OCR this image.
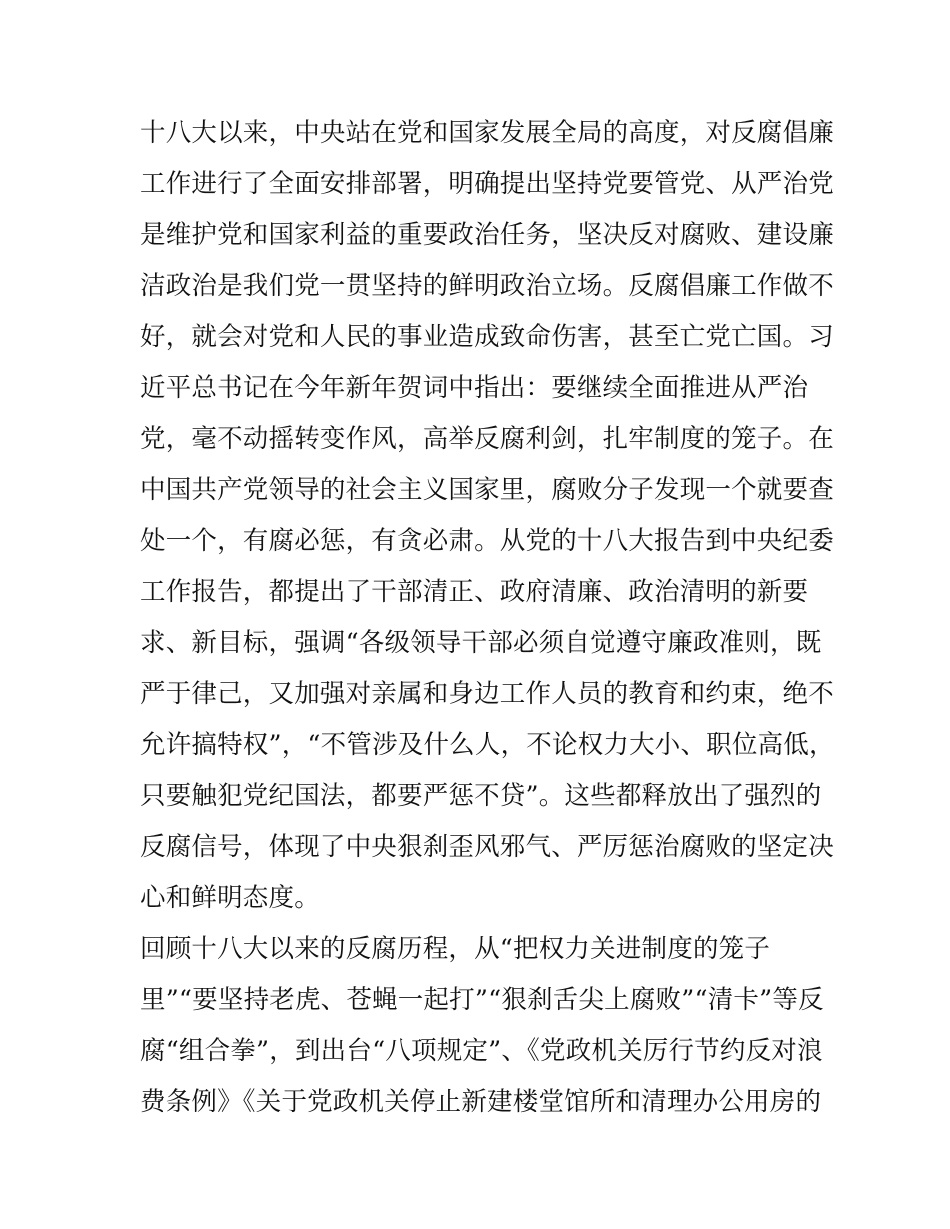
十八大以来，中央站在党和国家发展全局的高度，对反腐倡廉
工作进行了全面安排部署，明确提出坚持党要管党、从严治党
是维护党和国家利益的重要政治任务，坚决反对腐败、建设廉
洁政治是我们党一贯坚持的鲜明政治立场。反腐倡廉工作做不
好，就会对党和人民的事业造成致命伤害，甚至亡党亡国。习
近平总书记在今年新年贺词中指出：要继续全面推进从严治
党，毫不动摇转变作风，高举反腐利剑，扎牢制度的笼子。在
中国共产党领导的社会主义国家里，腐败分子发现一个就要查
处一个，有腐必惩，有贪必肃。从党的十八大报告到中央纪委
工作报告，都提出了干部清正、政府清廉、政治清明的新要
求、新目标，强调“各级领导干部必须自觉遵守廉政准则，既
严于律己，又加强对亲属和身边工作人员的教育和约束，绝不
允许搞特权”，“不管涉及什么人，不论权力大小、职位高低，
只要触犯党纪国法，都要严惩不贷”。这些都释放出了强烈的
反腐信号，体现了中央狠刹歪风邪气、严厉惩治腐败的坚定决
心和鲜明态度。
回顾十八大以来的反腐历程，从“把权力关进制度的笼子
里”“要坚持老虎、苍蝇一起打”“狠刹舌尖上腐败”“清卡”等反
腐“组合拳”，到出台“八项规定”、《党政机关厉行节约反对浪
费条例》《关于党政机关停止新建楼堂馆所和清理办公用房的
